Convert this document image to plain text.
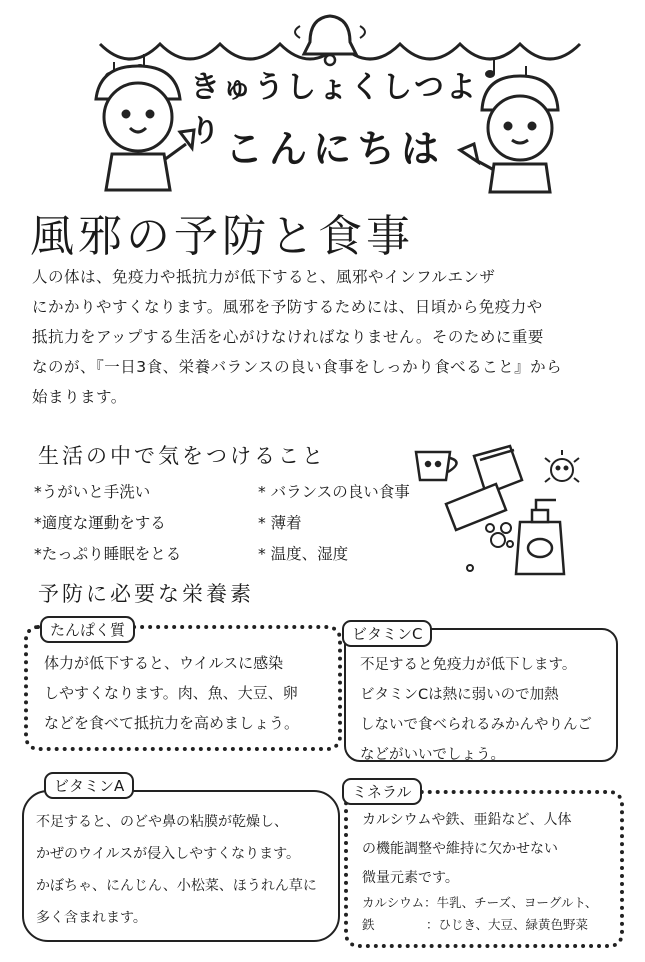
きゅうしょくしつより こんにちは
風邪の予防と食事
人の体は、免疫力や抵抗力が低下すると、風邪やインフルエンザ
にかかりやすくなります。風邪を予防するためには、日頃から免疫力や
抵抗力をアップする生活を心がけなければなりません。そのために重要
なのが、『一日3食、栄養バランスの良い食事をしっかり食べること』から
始まります。
生活の中で気をつけること
*うがいと手洗い
*適度な運動をする
*たっぷり睡眠をとる
* バランスの良い食事
* 薄着
* 温度、湿度
予防に必要な栄養素
たんぱく質
体力が低下すると、ウイルスに感染
しやすくなります。肉、魚、大豆、卵
などを食べて抵抗力を高めましょう。
ビタミンC
不足すると免疫力が低下します。
ビタミンCは熱に弱いので加熱
しないで食べられるみかんやりんご
などがいいでしょう。
ビタミンA
不足すると、のどや鼻の粘膜が乾燥し、
かぜのウイルスが侵入しやすくなります。
かぼちゃ、にんじん、小松菜、ほうれん草に
多く含まれます。
ミネラル
カルシウムや鉄、亜鉛など、人体
の機能調整や維持に欠かせない
微量元素です。
カルシウム：牛乳、チーズ、ヨーグルト、
鉄	：ひじき、大豆、緑黄色野菜
